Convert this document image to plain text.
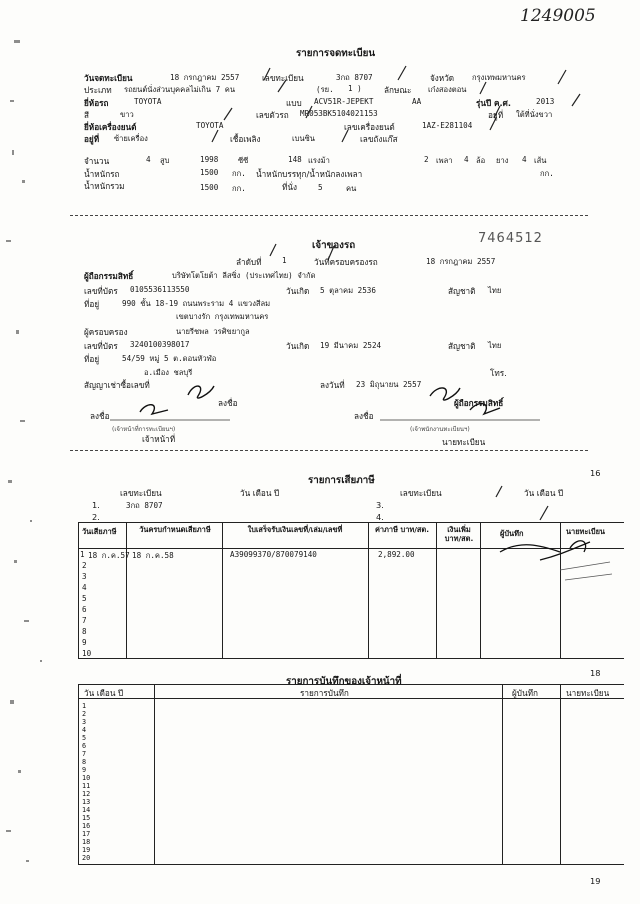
1249005
รายการจดทะเบียน
วันจดทะเบียน	18 กรกฎาคม 2557	เลขทะเบียน	3กถ 8707	จังหวัด กรุงเทพมหานคร
ประเภท รถยนต์นั่งส่วนบุคคลไม่เกิน 7 คน	(รย. 1 )	ลักษณะ เก๋งสองตอน
ยี่ห้อรถ	TOYOTA	แบบ ACV51R-JEPEKT	AA	รุ่นปี ค.ศ.	2013
สี	ขาว	เลขตัวรถ MR053BK5104021153	อยู่ที่ ใต้ที่นั่งขวา
ยี่ห้อเครื่องยนต์	TOYOTA	เลขเครื่องยนต์	1AZ-E281104
อยู่ที่ ซ้ายเครื่อง	เชื้อเพลิง	เบนซิน	เลขถังแก๊ส
จำนวน	4 สูบ	1998	ซีซี	148 แรงม้า	2 เพลา 4 ล้อ ยาง 4 เส้น
น้ำหนักรถ	1500 กก. น้ำหนักบรรทุก/น้ำหนักลงเพลา	กก.
น้ำหนักรวม	1500 กก.	ที่นั่ง	5	คน
7464512
เจ้าของรถ
ลำดับที่	1	วันที่ครอบครองรถ	18 กรกฎาคม 2557
ผู้ถือกรรมสิทธิ์	บริษัทโตโยต้า ลีสซิ่ง (ประเทศไทย) จำกัด
เลขที่บัตร 0105536113550	วันเกิด 5 ตุลาคม 2536	สัญชาติ ไทย
ที่อยู่	990 ชั้น 18-19 ถนนพระราม 4 แขวงสีลม
เขตบางรัก กรุงเทพมหานคร
ผู้ครอบครอง	นายรีชพล วรศิขยากูล
เลขที่บัตร 3240100398017	วันเกิด 19 มีนาคม 2524	สัญชาติ ไทย
ที่อยู่	54/59 หมู่ 5 ต.ดอนหัวฬ่อ
อ.เมือง ชลบุรี	โทร.
สัญญาเช่าซื้อเลขที่	ลงวันที่ 23 มิถุนายน 2557
ลงชื่อ	ผู้ถือกรรมสิทธิ์
ลงชื่อ	ลงชื่อ
(เจ้าหน้าที่การทะเบียนฯ)	(เจ้าพนักงานทะเบียนฯ)
เจ้าหน้าที่	นายทะเบียน
16
รายการเสียภาษี
เลขทะเบียน	วัน เดือน ปี	เลขทะเบียน	วัน เดือน ปี
1.	3กถ 8707
2.
3.
4.
วันเสียภาษี	วันครบกำหนดเสียภาษี	ใบเสร็จรับเงินเลขที่/เล่ม/เลขที่	ค่าภาษี บาท/สต.	เงินเพิ่ม บาท/สต.
ผู้บันทึก	นายทะเบียน
1 18 ก.ค.57 18 ก.ค.58	A39099370/870079140	2,892.00
2
3
4
5
6
7
8
9
10
18
รายการบันทึกของเจ้าหน้าที่
วัน เดือน ปี	รายการบันทึก	ผู้บันทึก	นายทะเบียน
1
2
3
4
5
6
7
8
9
10
11
12
13
14
15
16
17
18
19
20
19
